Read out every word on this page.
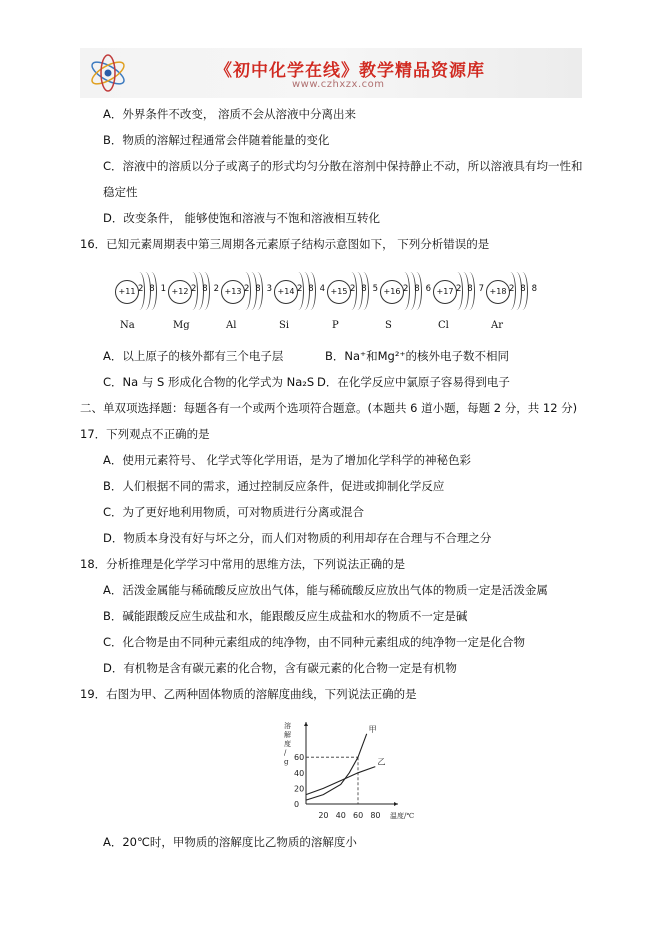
《初中化学在线》教学精品资源库
www.czhxzx.com
A．外界条件不改变， 溶质不会从溶液中分离出来
B．物质的溶解过程通常会伴随着能量的变化
C．溶液中的溶质以分子或离子的形式均匀分散在溶剂中保持静止不动，所以溶液具有均一性和
稳定性
D．改变条件， 能够使饱和溶液与不饱和溶液相互转化
16．已知元素周期表中第三周期各元素原子结构示意图如下， 下列分析错误的是
+11 2 8 1
Na
+12 2 8 2
Mg
+13 2 8 3
Al
+14 2 8 4
Si
+15 2 8 5
P
+16 2 8 6
S
+17 2 8 7
Cl
+18 2 8 8
Ar
A．以上原子的核外都有三个电子层	B．Na⁺和Mg²⁺的核外电子数不相同
C．Na 与 S 形成化合物的化学式为 Na₂S D．在化学反应中氯原子容易得到电子
二、单双项选择题：每题各有一个或两个选项符合题意。(本题共 6 道小题，每题 2 分，共 12 分)
17．下列观点不正确的是
A．使用元素符号、 化学式等化学用语，是为了增加化学科学的神秘色彩
B．人们根据不同的需求，通过控制反应条件，促进或抑制化学反应
C．为了更好地利用物质，可对物质进行分离或混合
D．物质本身没有好与坏之分，而人们对物质的利用却存在合理与不合理之分
18．分析推理是化学学习中常用的思维方法，下列说法正确的是
A．活泼金属能与稀硫酸反应放出气体，能与稀硫酸反应放出气体的物质一定是活泼金属
B．碱能跟酸反应生成盐和水，能跟酸反应生成盐和水的物质不一定是碱
C．化合物是由不同种元素组成的纯净物，由不同种元素组成的纯净物一定是化合物
D．有机物是含有碳元素的化合物，含有碳元素的化合物一定是有机物
19．右图为甲、乙两种固体物质的溶解度曲线，下列说法正确的是
溶
解
度
/
g
温度/℃
20 40 60 80
0
20
40
60
甲
乙
A．20℃时，甲物质的溶解度比乙物质的溶解度小
